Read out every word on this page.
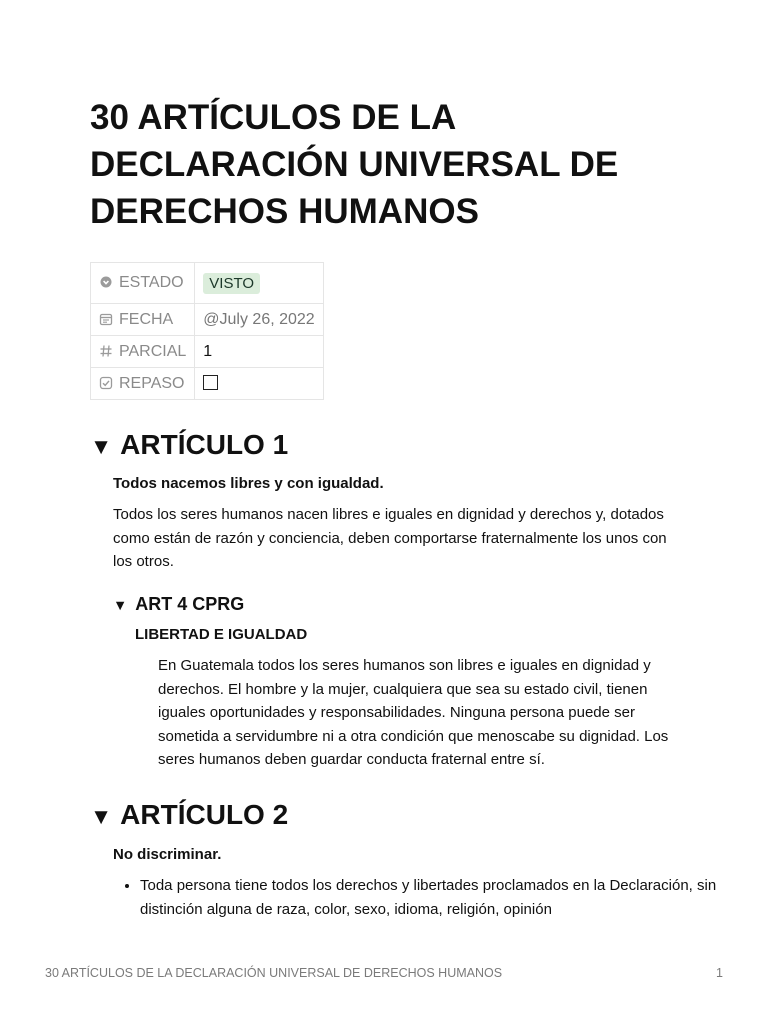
30 ARTÍCULOS DE LA DECLARACIÓN UNIVERSAL DE DERECHOS HUMANOS
ESTADO	VISTO
FECHA	@July 26, 2022
PARCIAL	1
REPASO	
▼ ARTÍCULO 1

Todos nacemos libres y con igualdad.

Todos los seres humanos nacen libres e iguales en dignidad y derechos y, dotados como están de razón y conciencia, deben comportarse fraternalmente los unos con los otros.

▼ ART 4 CPRG

LIBERTAD E IGUALDAD

En Guatemala todos los seres humanos son libres e iguales en dignidad y derechos. El hombre y la mujer, cualquiera que sea su estado civil, tienen iguales oportunidades y responsabilidades. Ninguna persona puede ser sometida a servidumbre ni a otra condición que menoscabe su dignidad. Los seres humanos deben guardar conducta fraternal entre sí.

▼ ARTÍCULO 2

No discriminar.

• Toda persona tiene todos los derechos y libertades proclamados en la Declaración, sin distinción alguna de raza, color, sexo, idioma, religión, opinión
30 ARTÍCULOS DE LA DECLARACIÓN UNIVERSAL DE DERECHOS HUMANOS	1
